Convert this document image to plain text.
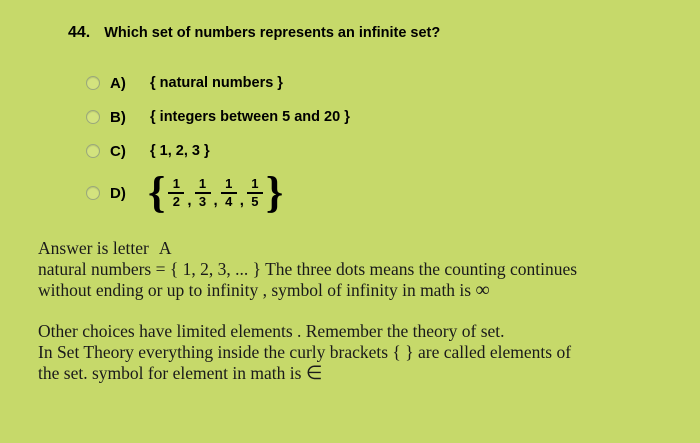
44. Which set of numbers represents an infinite set?
A)	{ natural numbers }
B)	{ integers between 5 and 20 }
C)	{ 1, 2, 3 }
D) { $\frac{1}{2}$ , $\frac{1}{3}$ , $\frac{1}{4}$ , $\frac{1}{5}$ }

Answer is letter A

natural numbers = { 1, 2, 3, ... } The three dots means the counting continues

without ending or up to infinity , symbol of infinity in math is ∞

Other choices have limited elements . Remember the theory of set.

In Set Theory everything inside the curly brackets { } are called elements of

the set. symbol for element in math is ∈
